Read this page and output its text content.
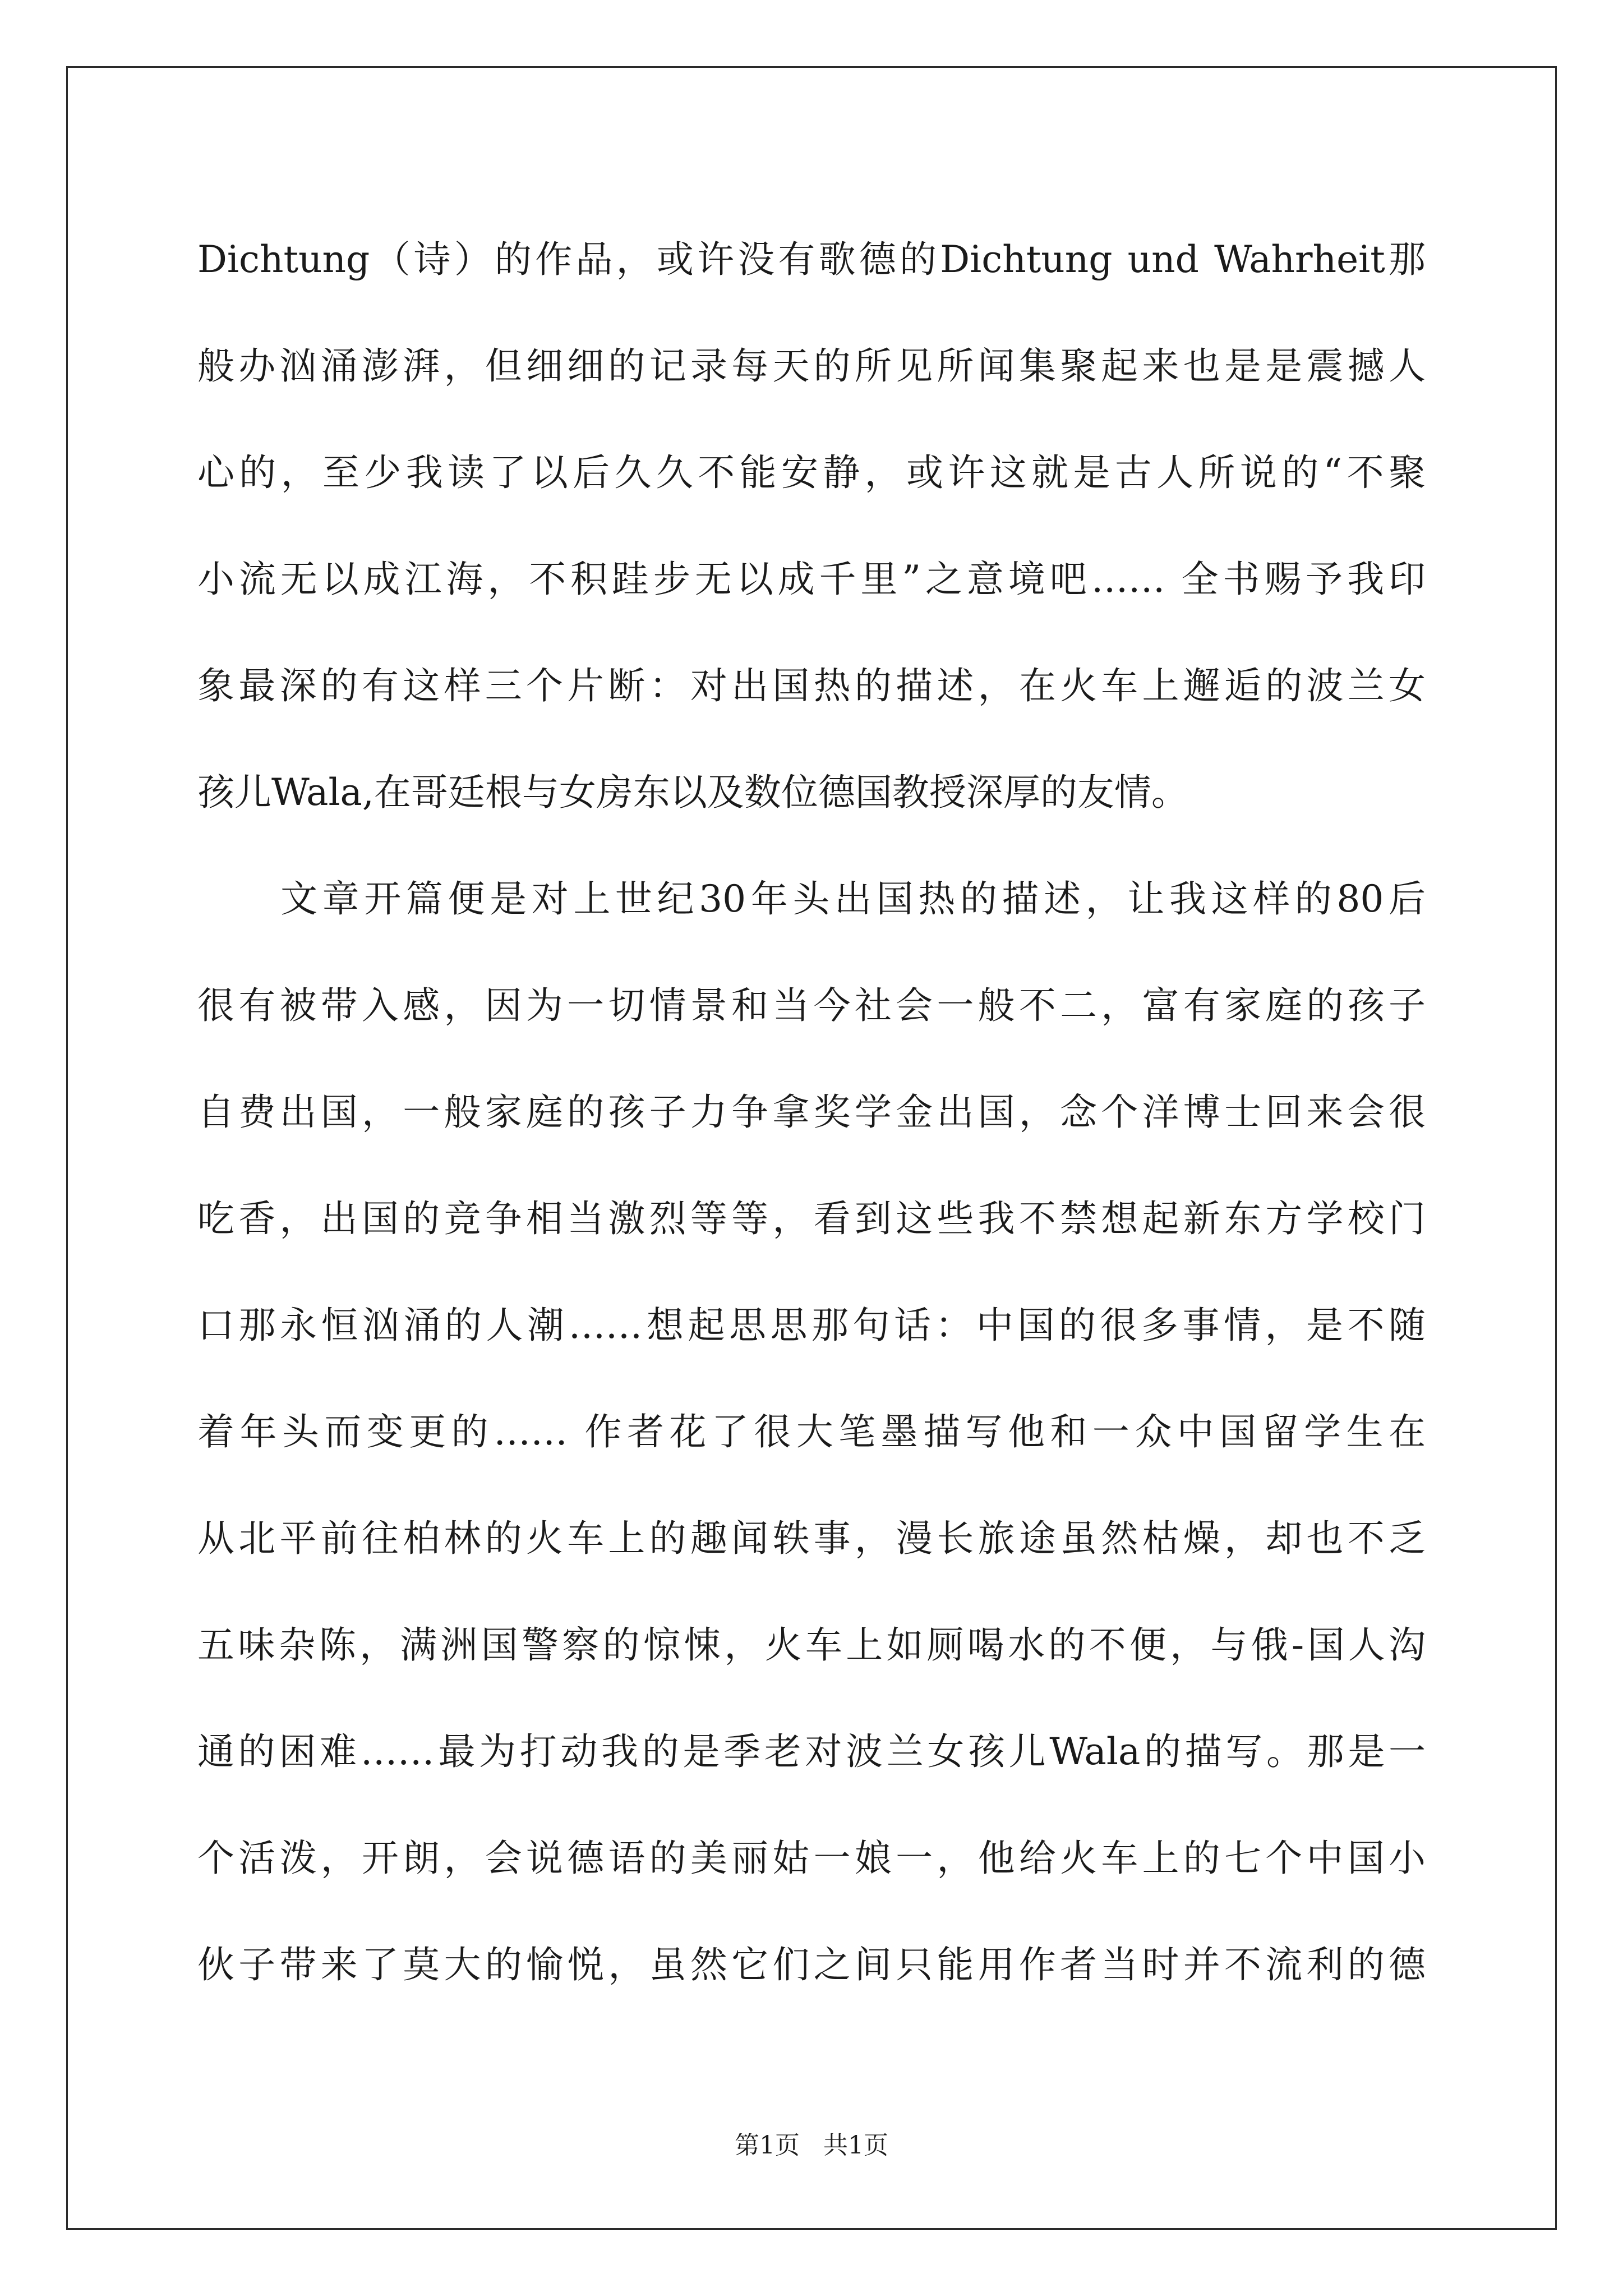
Dichtung（诗）的作品，或许没有歌德的Dichtung und Wahrheit那
般办汹涌澎湃，但细细的记录每天的所见所闻集聚起来也是是震撼人
心的，至少我读了以后久久不能安静，或许这就是古人所说的“不聚
小流无以成江海，不积跬步无以成千里”之意境吧…… 全书赐予我印
象最深的有这样三个片断：对出国热的描述，在火车上邂逅的波兰女
孩儿Wala,在哥廷根与女房东以及数位德国教授深厚的友情。
文章开篇便是对上世纪30年头出国热的描述，让我这样的80后
很有被带入感，因为一切情景和当今社会一般不二，富有家庭的孩子
自费出国，一般家庭的孩子力争拿奖学金出国，念个洋博士回来会很
吃香，出国的竞争相当激烈等等，看到这些我不禁想起新东方学校门
口那永恒汹涌的人潮……想起思思那句话：中国的很多事情，是不随
着年头而变更的…… 作者花了很大笔墨描写他和一众中国留学生在
从北平前往柏林的火车上的趣闻轶事，漫长旅途虽然枯燥，却也不乏
五味杂陈，满洲国警察的惊悚，火车上如厕喝水的不便，与俄-国人沟
通的困难……最为打动我的是季老对波兰女孩儿Wala的描写。那是一
个活泼，开朗，会说德语的美丽姑一娘一，他给火车上的七个中国小
伙子带来了莫大的愉悦，虽然它们之间只能用作者当时并不流利的德
第1页 共1页
